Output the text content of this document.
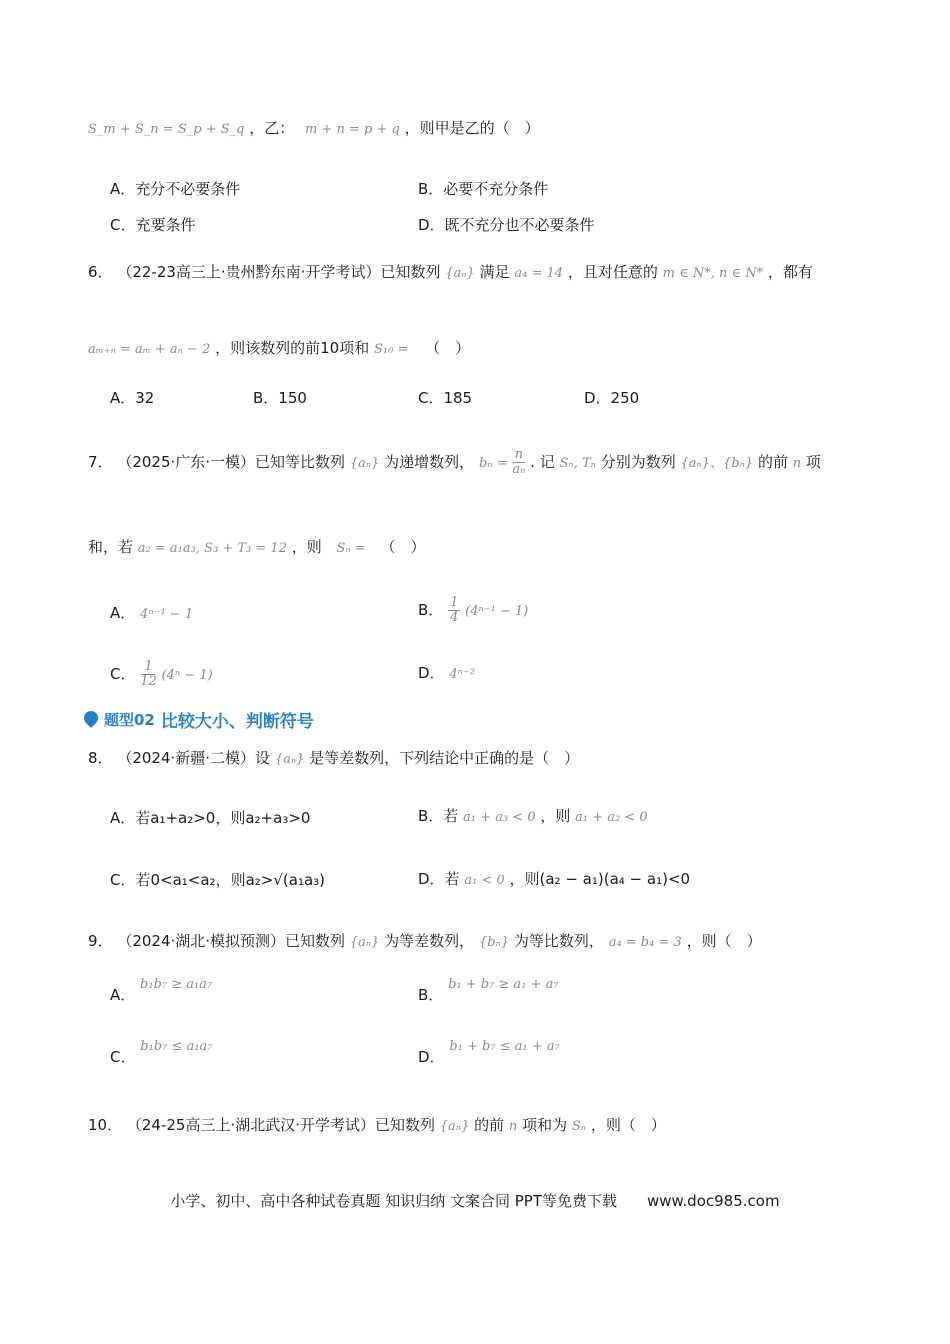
S_m + S_n = S_p + S_q ，乙： m + n = p + q ，则甲是乙的（　）
A．充分不必要条件	B．必要不充分条件
C．充要条件	D．既不充分也不必要条件
6． （22-23高三上·贵州黔东南·开学考试）已知数列 {aₙ} 满足 a₄ = 14 ，且对任意的 m ∈ N*, n ∈ N* ，都有
aₘ₊ₙ = aₘ + aₙ − 2 ，则该数列的前10项和 S₁₀ = （　）
A．32	B．150	C．185	D．250
7． （2025·广东·一模）已知等比数列 {aₙ} 为递增数列， $b_n = \frac{n}{\text{aₙ}}$ . 记 Sₙ, Tₙ 分别为数列 {aₙ}、{bₙ} 的前 n 项
和，若 a₂ = a₁a₃, S₃ + T₃ = 12 ，则 Sₙ = （　）
A． 4ⁿ⁻¹ − 1	B． $\frac{1}{4} (4^{n-1} - 1)$
C． $\frac{1}{12} (4^n - 1)$	D． 4ⁿ⁻²
题型02 比较大小、判断符号
8． （2024·新疆·二模）设 {aₙ} 是等差数列，下列结论中正确的是（　）
A．若a₁+a₂>0，则a₂+a₃>0	B．若 a₁ + a₃ < 0 ，则 a₁ + a₂ < 0
C．若0<a₁<a₂，则a₂>√(a₁a₃)	D．若 a₁ < 0 ，则(a₂ − a₁)(a₄ − a₁)<0
9． （2024·湖北·模拟预测）已知数列 {aₙ} 为等差数列， {bₙ} 为等比数列， a₄ = b₄ = 3 ，则（　）
A． b₁b₇ ≥ a₁a₇
B． b₁ + b₇ ≥ a₁ + a₇
C． b₁b₇ ≤ a₁a₇
D． b₁ + b₇ ≤ a₁ + a₇
10． （24-25高三上·湖北武汉·开学考试）已知数列 {aₙ} 的前 n 项和为 Sₙ ，则（　）
小学、初中、高中各种试卷真题 知识归纳 文案合同 PPT等免费下载　　www.doc985.com
